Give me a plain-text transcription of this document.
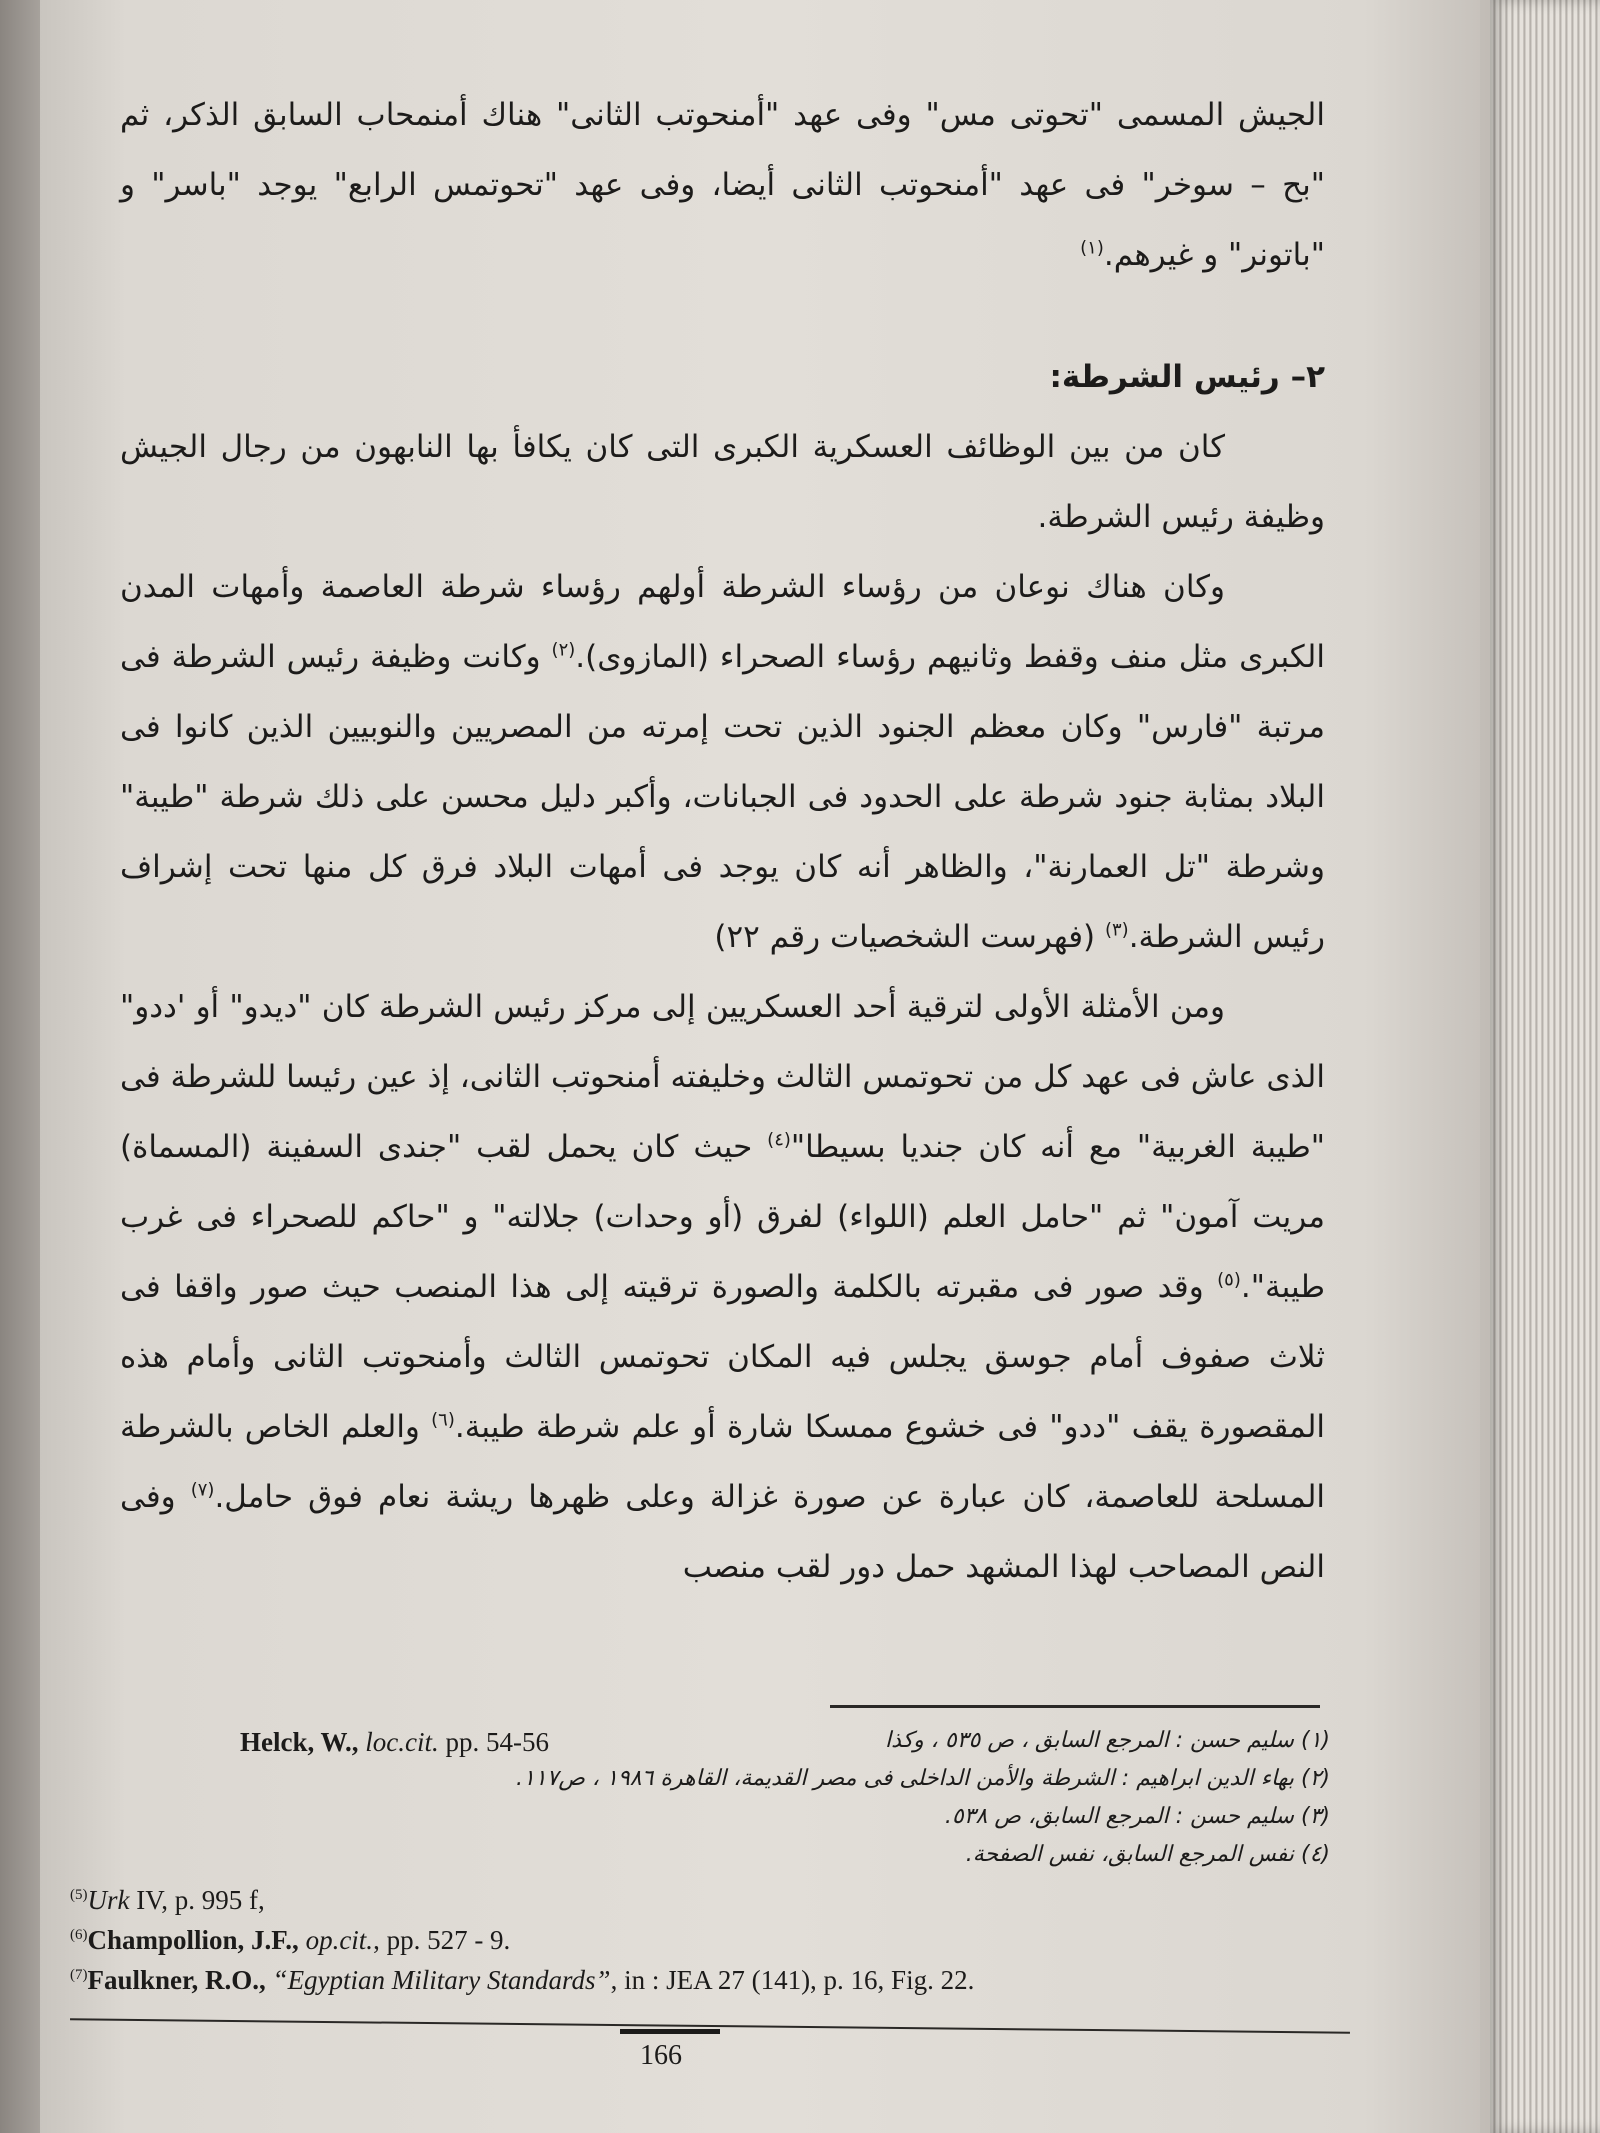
الجيش المسمى "تحوتى مس" وفى عهد "أمنحوتب الثانى" هناك أمنمحاب السابق الذكر، ثم "بح – سوخر" فى عهد "أمنحوتب الثانى أيضا، وفى عهد "تحوتمس الرابع" يوجد "باسر" و "باتونر" و غيرهم.$^{(١)}$

٢– رئيس الشرطة:

كان من بين الوظائف العسكرية الكبرى التى كان يكافأ بها النابهون من رجال الجيش وظيفة رئيس الشرطة.

وكان هناك نوعان من رؤساء الشرطة أولهم رؤساء شرطة العاصمة وأمهات المدن الكبرى مثل منف وقفط وثانيهم رؤساء الصحراء (المازوى).$^{(٢)}$ وكانت وظيفة رئيس الشرطة فى مرتبة "فارس" وكان معظم الجنود الذين تحت إمرته من المصريين والنوبيين الذين كانوا فى البلاد بمثابة جنود شرطة على الحدود فى الجبانات، وأكبر دليل محسن على ذلك شرطة "طيبة" وشرطة "تل العمارنة"، والظاهر أنه كان يوجد فى أمهات البلاد فرق كل منها تحت إشراف رئيس الشرطة.$^{(٣)}$ (فهرست الشخصيات رقم ٢٢)

ومن الأمثلة الأولى لترقية أحد العسكريين إلى مركز رئيس الشرطة كان "ديدو" أو 'ددو" الذى عاش فى عهد كل من تحوتمس الثالث وخليفته أمنحوتب الثانى، إذ عين رئيسا للشرطة فى "طيبة الغربية" مع أنه كان جنديا بسيطا"$^{(٤)}$ حيث كان يحمل لقب "جندى السفينة (المسماة) مريت آمون" ثم "حامل العلم (اللواء) لفرق (أو وحدات) جلالته" و "حاكم للصحراء فى غرب طيبة".$^{(٥)}$ وقد صور فى مقبرته بالكلمة والصورة ترقيته إلى هذا المنصب حيث صور واقفا فى ثلاث صفوف أمام جوسق يجلس فيه المكان تحوتمس الثالث وأمنحوتب الثانى وأمام هذه المقصورة يقف "ددو" فى خشوع ممسكا شارة أو علم شرطة طيبة.$^{(٦)}$ والعلم الخاص بالشرطة المسلحة للعاصمة، كان عبارة عن صورة غزالة وعلى ظهرها ريشة نعام فوق حامل.$^{(٧)}$ وفى النص المصاحب لهذا المشهد حمل دور لقب منصب

Helck, W., loc.cit. pp. 54-56	(١) سليم حسن : المرجع السابق ، ص ٥٣٥ ، وكذا
(٢) بهاء الدين ابراهيم : الشرطة والأمن الداخلى فى مصر القديمة، القاهرة ١٩٨٦ ، ص١١٧.
(٣) سليم حسن : المرجع السابق، ص ٥٣٨.
(٤) نفس المرجع السابق، نفس الصفحة.
$^{(5)}$Urk IV, p. 995 f,
$^{(6)}$Champollion, J.F., op.cit., pp. 527 - 9.
$^{(7)}$Faulkner, R.O., “Egyptian Military Standards”, in : JEA 27 (141), p. 16, Fig. 22.
166
